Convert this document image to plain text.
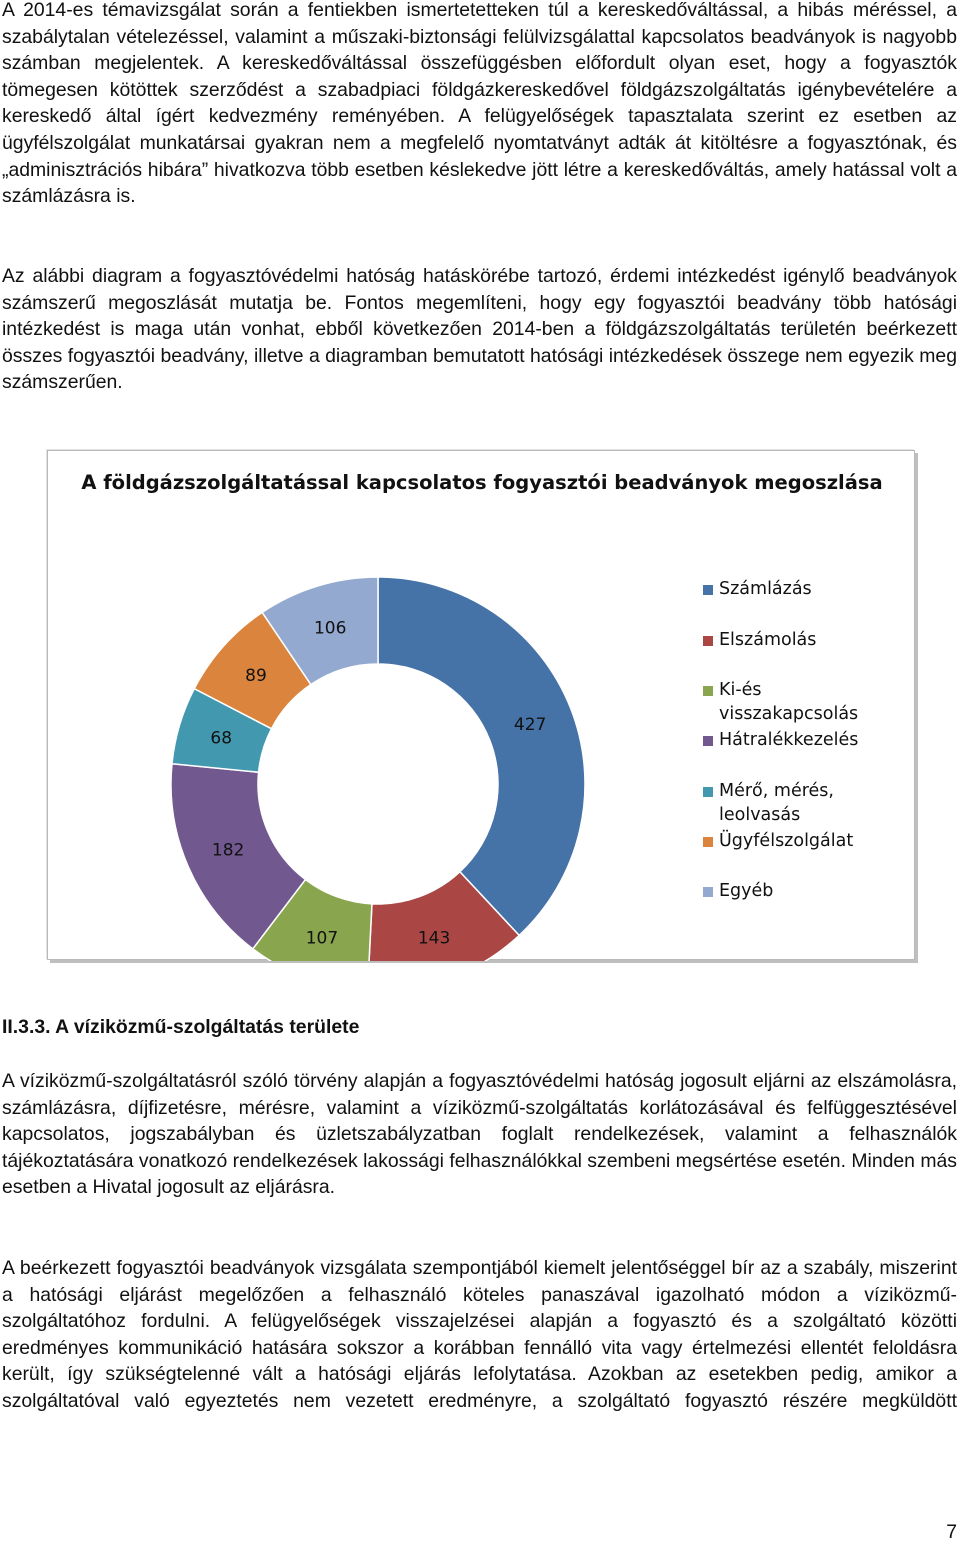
A 2014-es témavizsgálat során a fentiekben ismertetetteken túl a kereskedőváltással, a hibás méréssel, a szabálytalan vételezéssel, valamint a műszaki-biztonsági felülvizsgálattal kapcsolatos beadványok is nagyobb számban megjelentek. A kereskedőváltással összefüggésben előfordult olyan eset, hogy a fogyasztók tömegesen kötöttek szerződést a szabadpiaci földgázkereskedővel földgázszolgáltatás igénybevételére a kereskedő által ígért kedvezmény reményében. A felügyelőségek tapasztalata szerint ez esetben az ügyfélszolgálat munkatársai gyakran nem a megfelelő nyomtatványt adták át kitöltésre a fogyasztónak, és „adminisztrációs hibára” hivatkozva több esetben késlekedve jött létre a kereskedőváltás, amely hatással volt a számlázásra is.

Az alábbi diagram a fogyasztóvédelmi hatóság hatáskörébe tartozó, érdemi intézkedést igénylő beadványok számszerű megoszlását mutatja be. Fontos megemlíteni, hogy egy fogyasztói beadvány több hatósági intézkedést is maga után vonhat, ebből következően 2014-ben a földgázszolgáltatás területén beérkezett összes fogyasztói beadvány, illetve a diagramban bemutatott hatósági intézkedések összege nem egyezik meg számszerűen.

A földgázszolgáltatással kapcsolatos fogyasztói beadványok megoszlása
427
143
107
182
68
89
106
Számlázás
Elszámolás
Ki-és visszakapcsolás
Hátralékkezelés
Mérő, mérés, leolvasás
Ügyfélszolgálat
Egyéb
II.3.3. A víziközmű-szolgáltatás területe

A víziközmű-szolgáltatásról szóló törvény alapján a fogyasztóvédelmi hatóság jogosult eljárni az elszámolásra, számlázásra, díjfizetésre, mérésre, valamint a víziközmű-szolgáltatás korlátozásával és felfüggesztésével kapcsolatos, jogszabályban és üzletszabályzatban foglalt rendelkezések, valamint a felhasználók tájékoztatására vonatkozó rendelkezések lakossági felhasználókkal szembeni megsértése esetén. Minden más esetben a Hivatal jogosult az eljárásra.

A beérkezett fogyasztói beadványok vizsgálata szempontjából kiemelt jelentőséggel bír az a szabály, miszerint a hatósági eljárást megelőzően a felhasználó köteles panaszával igazolható módon a víziközmű-szolgáltatóhoz fordulni. A felügyelőségek visszajelzései alapján a fogyasztó és a szolgáltató közötti eredményes kommunikáció hatására sokszor a korábban fennálló vita vagy értelmezési ellentét feloldásra került, így szükségtelenné vált a hatósági eljárás lefolytatása. Azokban az esetekben pedig, amikor a szolgáltatóval való egyeztetés nem vezetett eredményre, a szolgáltató fogyasztó részére megküldött

7
